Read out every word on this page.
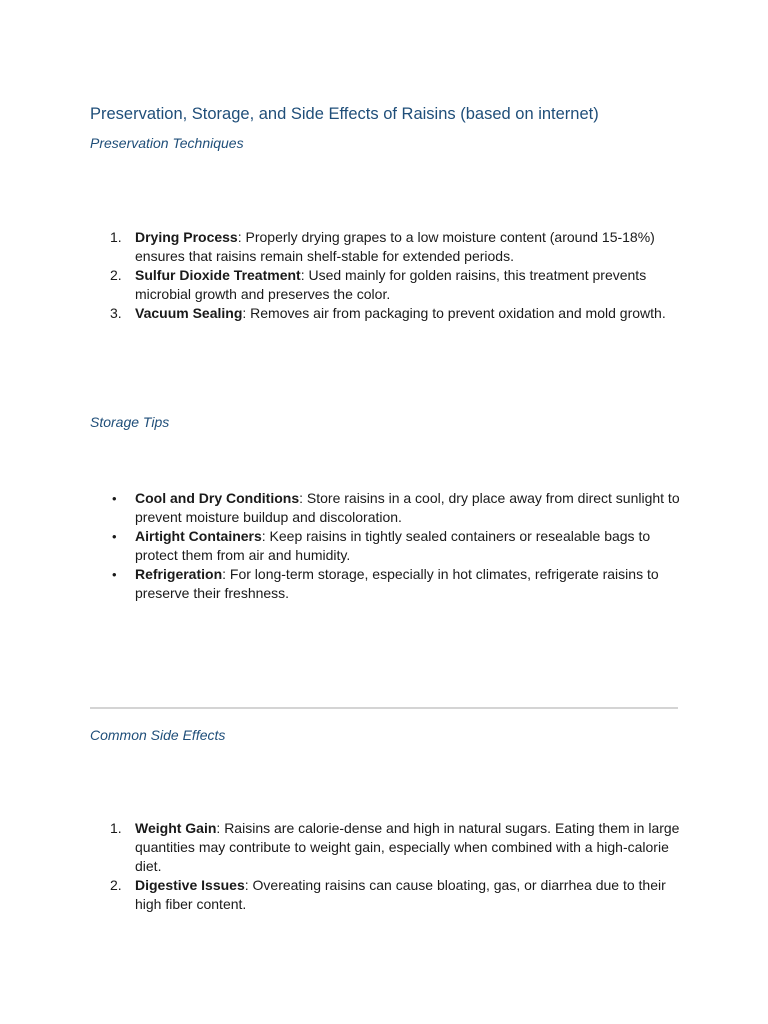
Preservation, Storage, and Side Effects of Raisins (based on internet)
Preservation Techniques
1. Drying Process: Properly drying grapes to a low moisture content (around 15-18%) ensures that raisins remain shelf-stable for extended periods.
2. Sulfur Dioxide Treatment: Used mainly for golden raisins, this treatment prevents microbial growth and preserves the color.
3. Vacuum Sealing: Removes air from packaging to prevent oxidation and mold growth.
Storage Tips
•	Cool and Dry Conditions: Store raisins in a cool, dry place away from direct sunlight to prevent moisture buildup and discoloration.
•	Airtight Containers: Keep raisins in tightly sealed containers or resealable bags to protect them from air and humidity.
•	Refrigeration: For long-term storage, especially in hot climates, refrigerate raisins to preserve their freshness.
Common Side Effects
1. Weight Gain: Raisins are calorie-dense and high in natural sugars. Eating them in large quantities may contribute to weight gain, especially when combined with a high-calorie diet.
2. Digestive Issues: Overeating raisins can cause bloating, gas, or diarrhea due to their high fiber content.
